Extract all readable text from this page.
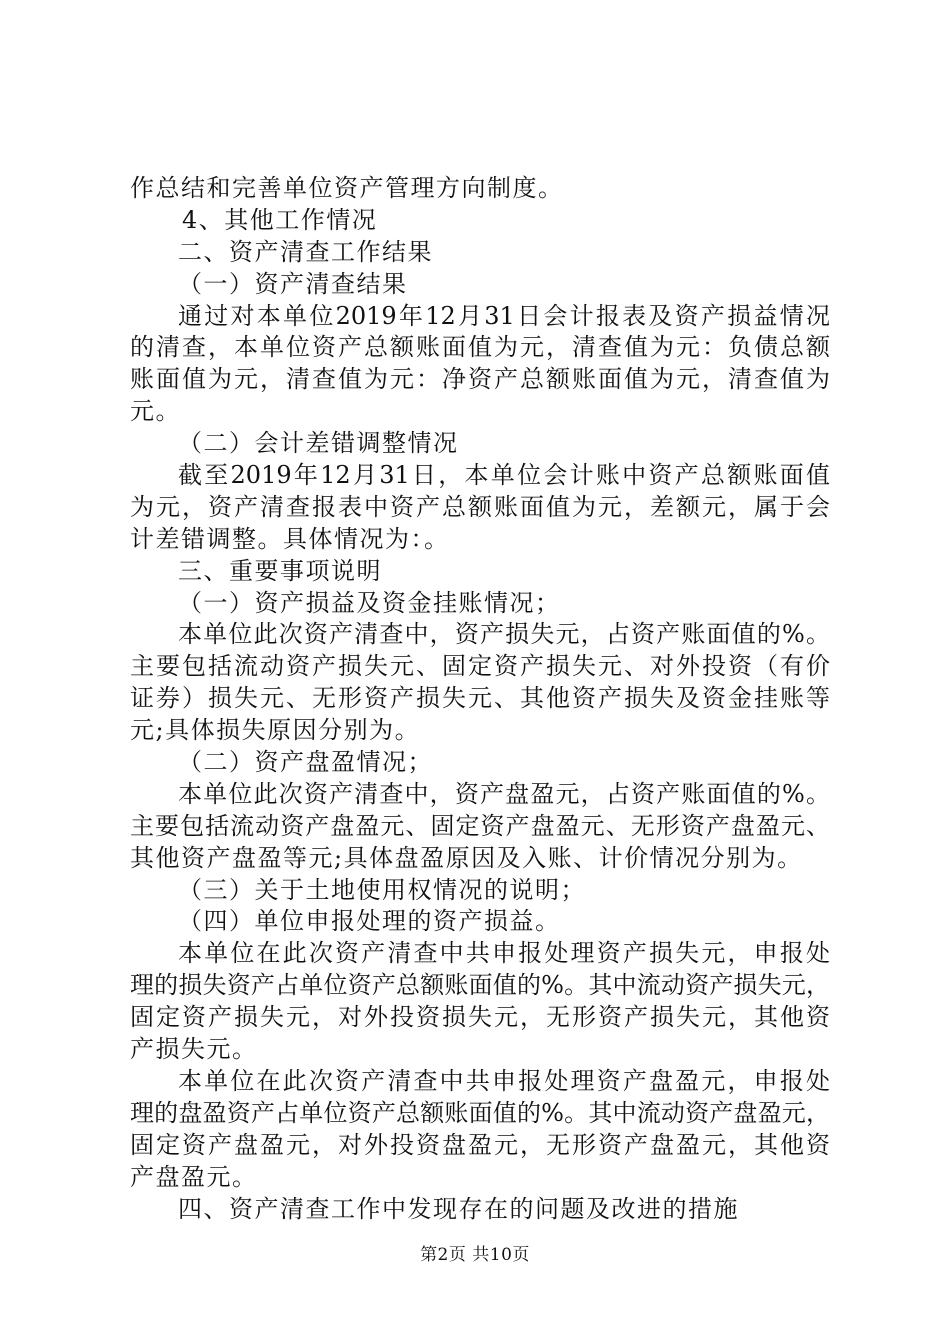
作总结和完善单位资产管理方向制度。
4、其他工作情况
二、资产清查工作结果
（一）资产清查结果
通过对本单位2019年12月31日会计报表及资产损益情况
的清查，本单位资产总额账面值为元，清查值为元：负债总额
账面值为元，清查值为元：净资产总额账面值为元，清查值为
元。
（二）会计差错调整情况
截至2019年12月31日，本单位会计账中资产总额账面值
为元，资产清查报表中资产总额账面值为元，差额元，属于会
计差错调整。具体情况为：。
三、重要事项说明
（一）资产损益及资金挂账情况；
本单位此次资产清查中，资产损失元，占资产账面值的%。
主要包括流动资产损失元、固定资产损失元、对外投资（有价
证券）损失元、无形资产损失元、其他资产损失及资金挂账等
元;具体损失原因分别为。
（二）资产盘盈情况；
本单位此次资产清查中，资产盘盈元，占资产账面值的%。
主要包括流动资产盘盈元、固定资产盘盈元、无形资产盘盈元、
其他资产盘盈等元;具体盘盈原因及入账、计价情况分别为。
（三）关于土地使用权情况的说明；
（四）单位申报处理的资产损益。
本单位在此次资产清查中共申报处理资产损失元，申报处
理的损失资产占单位资产总额账面值的%。其中流动资产损失元，
固定资产损失元，对外投资损失元，无形资产损失元，其他资
产损失元。
本单位在此次资产清查中共申报处理资产盘盈元，申报处
理的盘盈资产占单位资产总额账面值的%。其中流动资产盘盈元，
固定资产盘盈元，对外投资盘盈元，无形资产盘盈元，其他资
产盘盈元。
四、资产清查工作中发现存在的问题及改进的措施
第2页 共10页
